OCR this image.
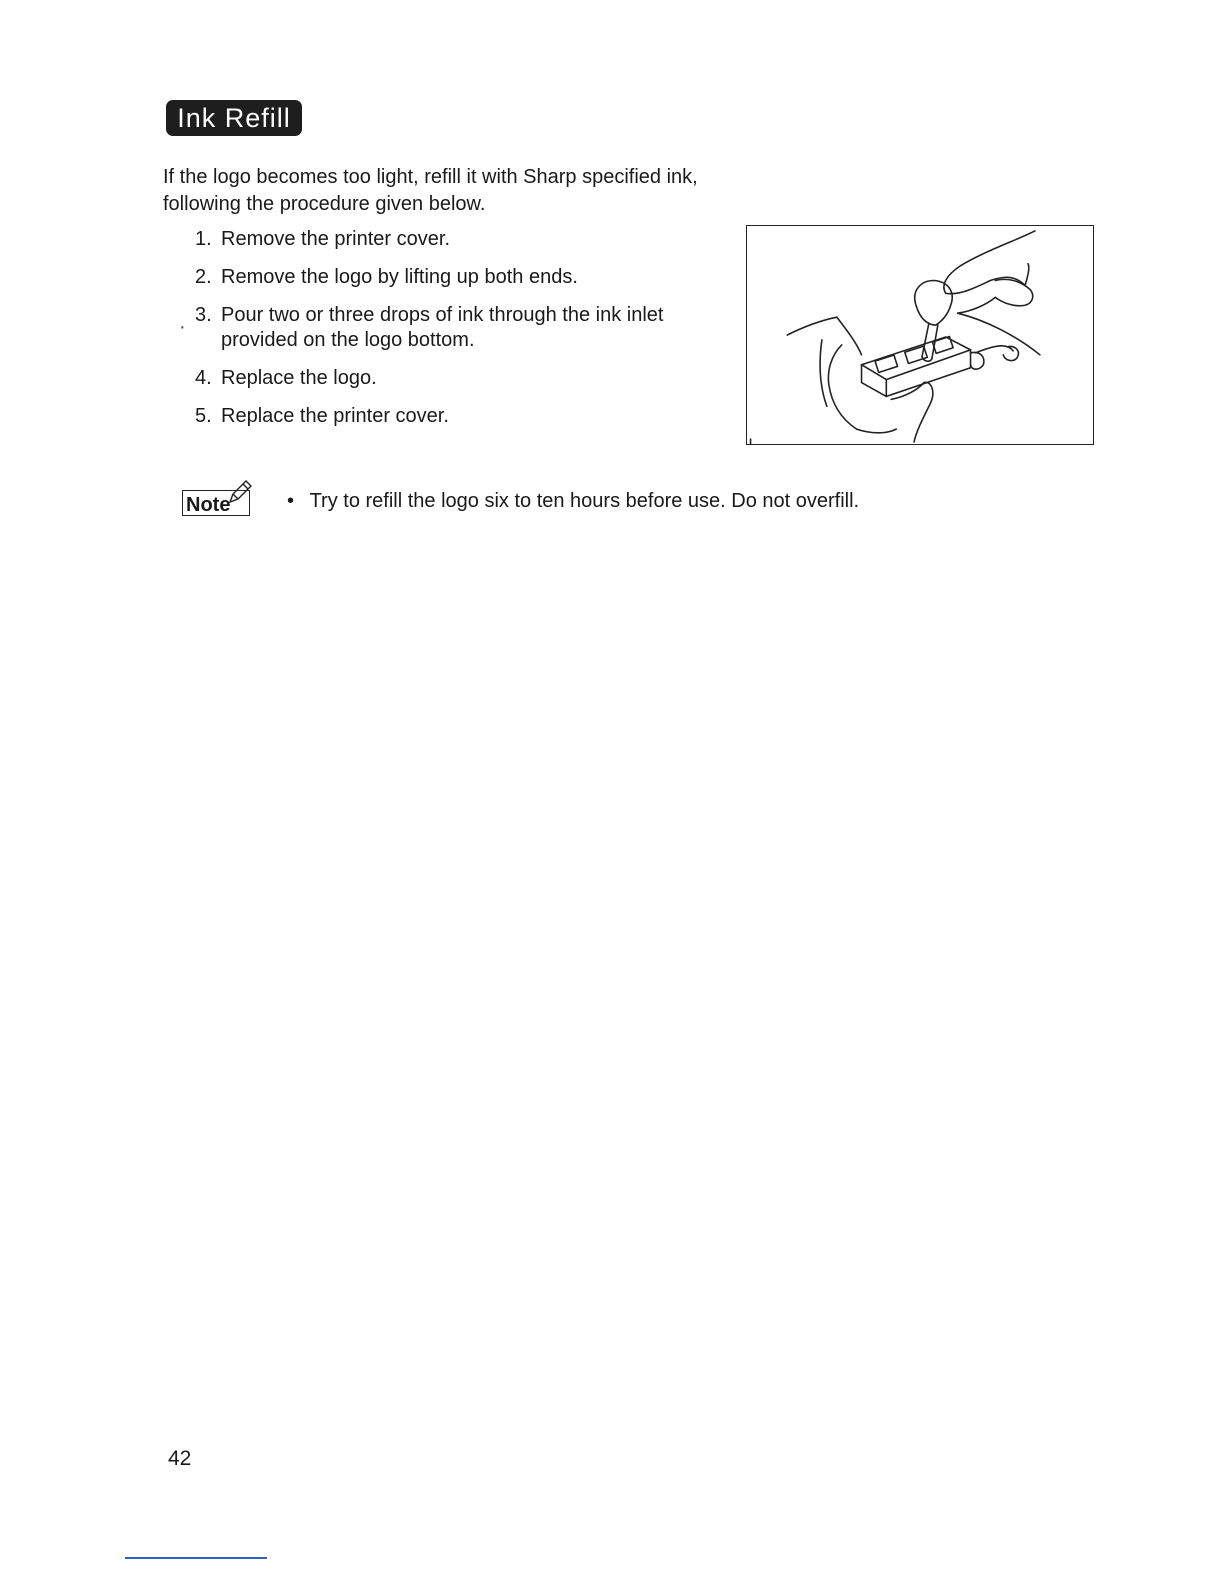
Ink Refill

If the logo becomes too light, refill it with Sharp specified ink, following the procedure given below.

·
1. Remove the printer cover.
2. Remove the logo by lifting up both ends.
3. Pour two or three drops of ink through the ink inlet provided on the logo bottom.
4. Replace the logo.
5. Replace the printer cover.
Note	• Try to refill the logo six to ten hours before use. Do not overfill.
42
